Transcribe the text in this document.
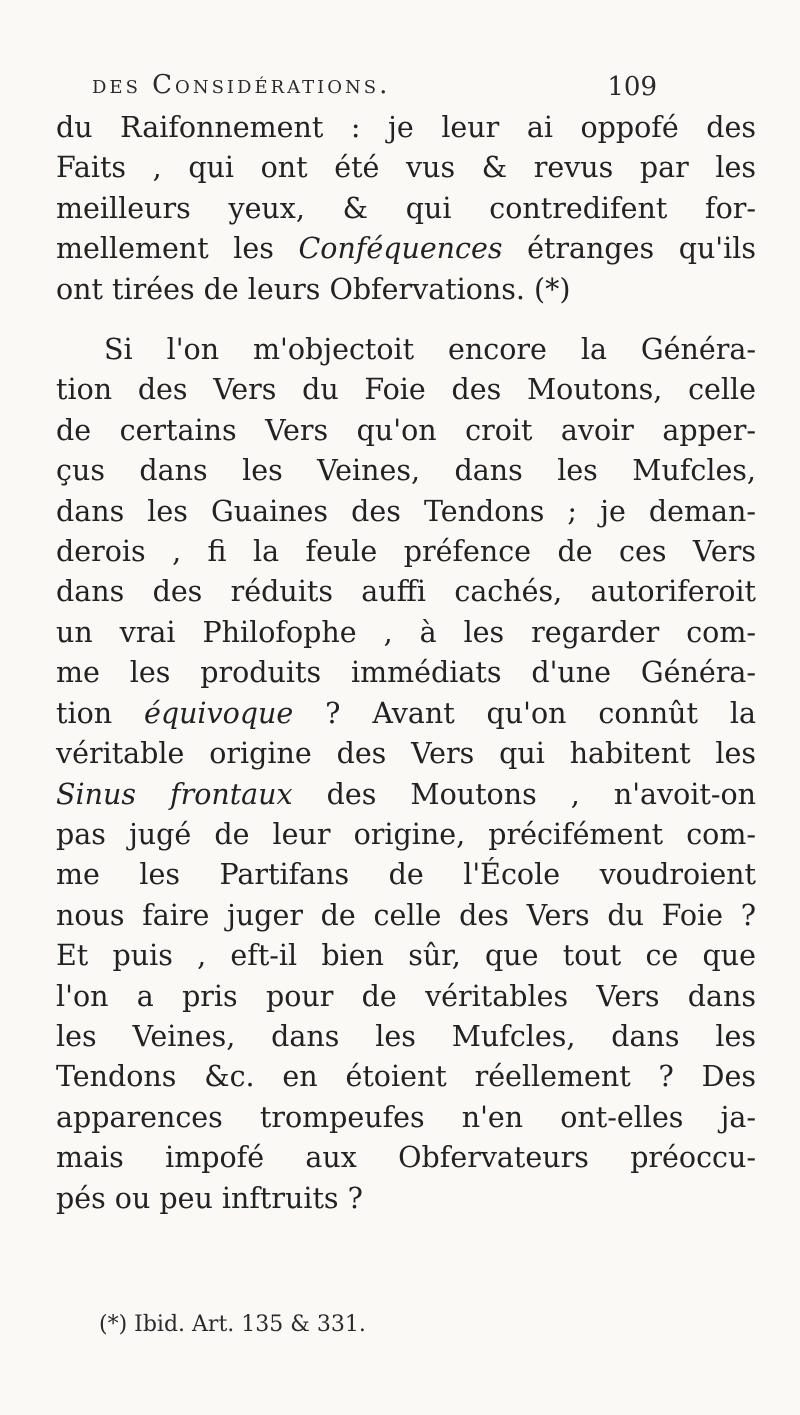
des Considérations.	109
du Raifonnement : je leur ai oppofé des
Faits , qui ont été vus & revus par les
meilleurs yeux, & qui contredifent for-
mellement les Conféquences étranges qu'ils
ont tirées de leurs Obfervations. (*)
Si l'on m'objectoit encore la Généra-
tion des Vers du Foie des Moutons, celle
de certains Vers qu'on croit avoir apper-
çus dans les Veines, dans les Mufcles,
dans les Guaines des Tendons ; je deman-
derois , fi la feule préfence de ces Vers
dans des réduits auffi cachés, autoriferoit
un vrai Philofophe , à les regarder com-
me les produits immédiats d'une Généra-
tion équivoque ? Avant qu'on connût la
véritable origine des Vers qui habitent les
Sinus frontaux des Moutons , n'avoit-on
pas jugé de leur origine, précifément com-
me les Partifans de l'École voudroient
nous faire juger de celle des Vers du Foie ?
Et puis , eft-il bien sûr, que tout ce que
l'on a pris pour de véritables Vers dans
les Veines, dans les Mufcles, dans les
Tendons &c. en étoient réellement ? Des
apparences trompeufes n'en ont-elles ja-
mais impofé aux Obfervateurs préoccu-
pés ou peu inftruits ?
(*) Ibid. Art. 135 & 331.
